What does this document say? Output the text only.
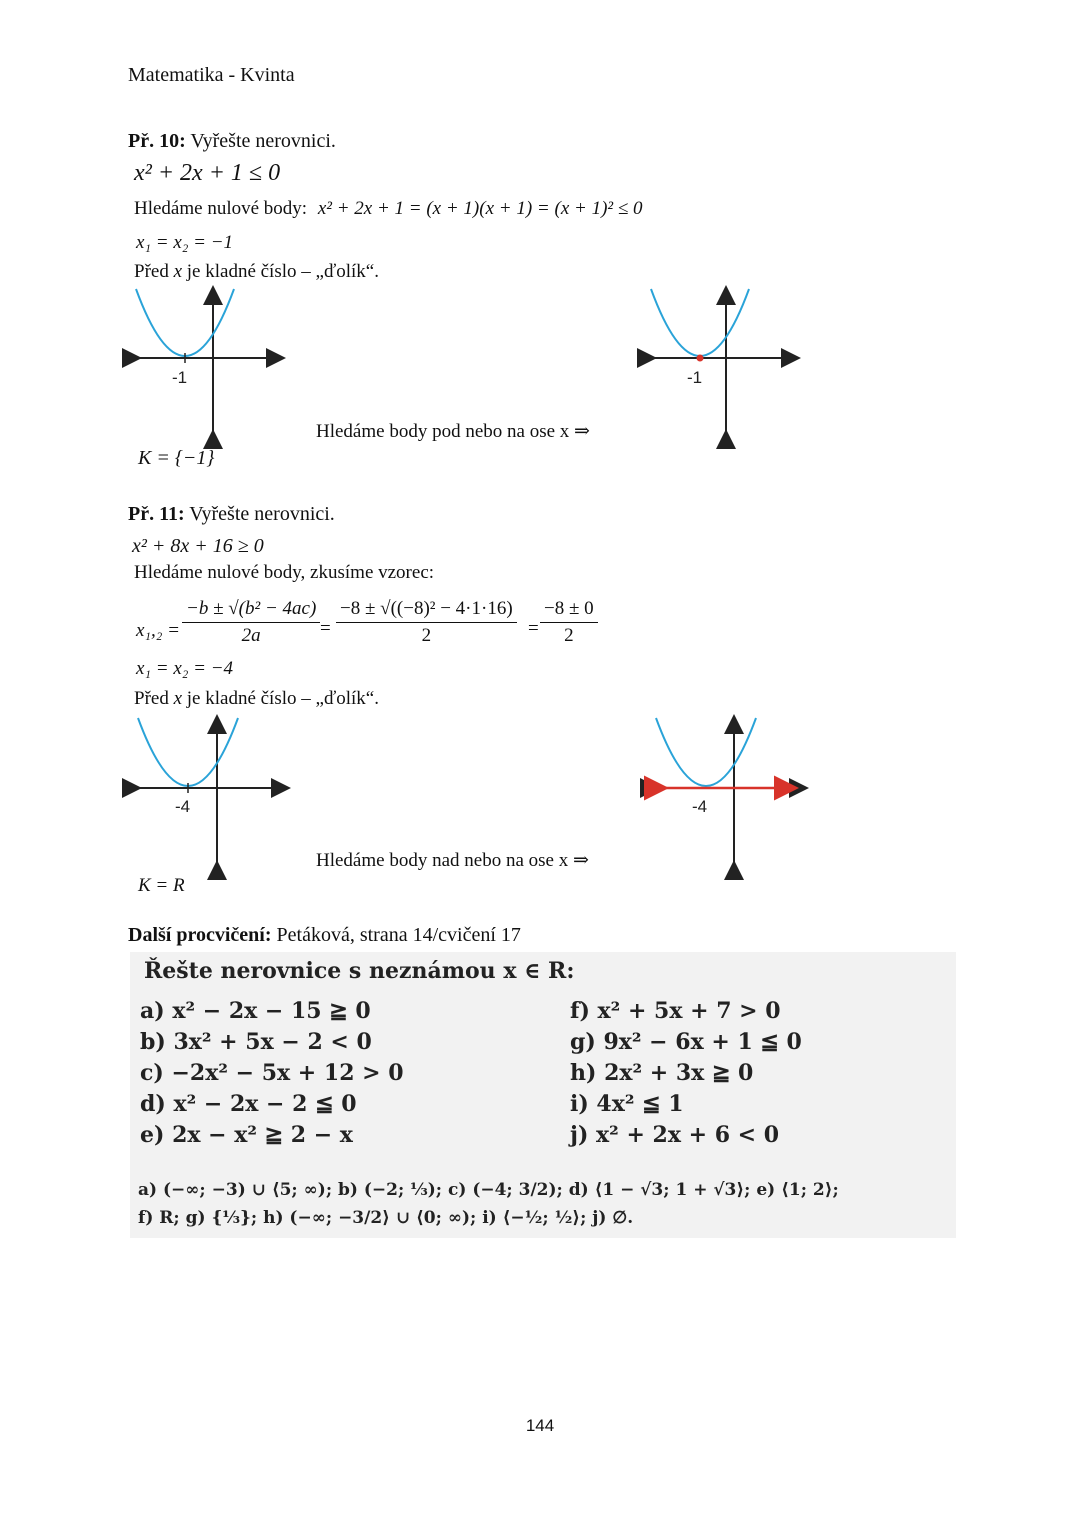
Matematika - Kvinta
Př. 10: Vyřešte nerovnici.
x² + 2x + 1 ≤ 0
Hledáme nulové body: x² + 2x + 1 = (x + 1)(x + 1) = (x + 1)² ≤ 0
x₁ = x₂ = −1
Před x je kladné číslo – „ďolík“.
-1	-1
Hledáme body pod nebo na ose x ⇒
K = {−1}
Př. 11: Vyřešte nerovnici.
x² + 8x + 16 ≥ 0
Hledáme nulové body, zkusíme vzorec:
$x_1,_2 = \frac{\text{−b ± √(b² − 4ac)}}{2a} = \frac{\text{−8 ± √((−8)² − 4·1·16)}}{2} = \frac{-8 \pm 0}{2}$
x₁ = x₂ = −4
Před x je kladné číslo – „ďolík“.
-4	-4
Hledáme body nad nebo na ose x ⇒
K = R
Další procvičení: Petáková, strana 14/cvičení 17
Řešte nerovnice s neznámou x ∈ R:
a) x² − 2x − 15 ≧ 0
b) 3x² + 5x − 2 < 0
c) −2x² − 5x + 12 > 0
d) x² − 2x − 2 ≦ 0
e) 2x − x² ≧ 2 − x
f) x² + 5x + 7 > 0
g) 9x² − 6x + 1 ≦ 0
h) 2x² + 3x ≧ 0
i) 4x² ≦ 1
j) x² + 2x + 6 < 0
a) (−∞; −3) ∪ ⟨5; ∞); b) (−2; ⅓); c) (−4; 3/2); d) ⟨1 − √3; 1 + √3⟩; e) ⟨1; 2⟩;
f) R; g) {⅓}; h) (−∞; −3/2⟩ ∪ ⟨0; ∞); i) ⟨−½; ½⟩; j) ∅.
144
